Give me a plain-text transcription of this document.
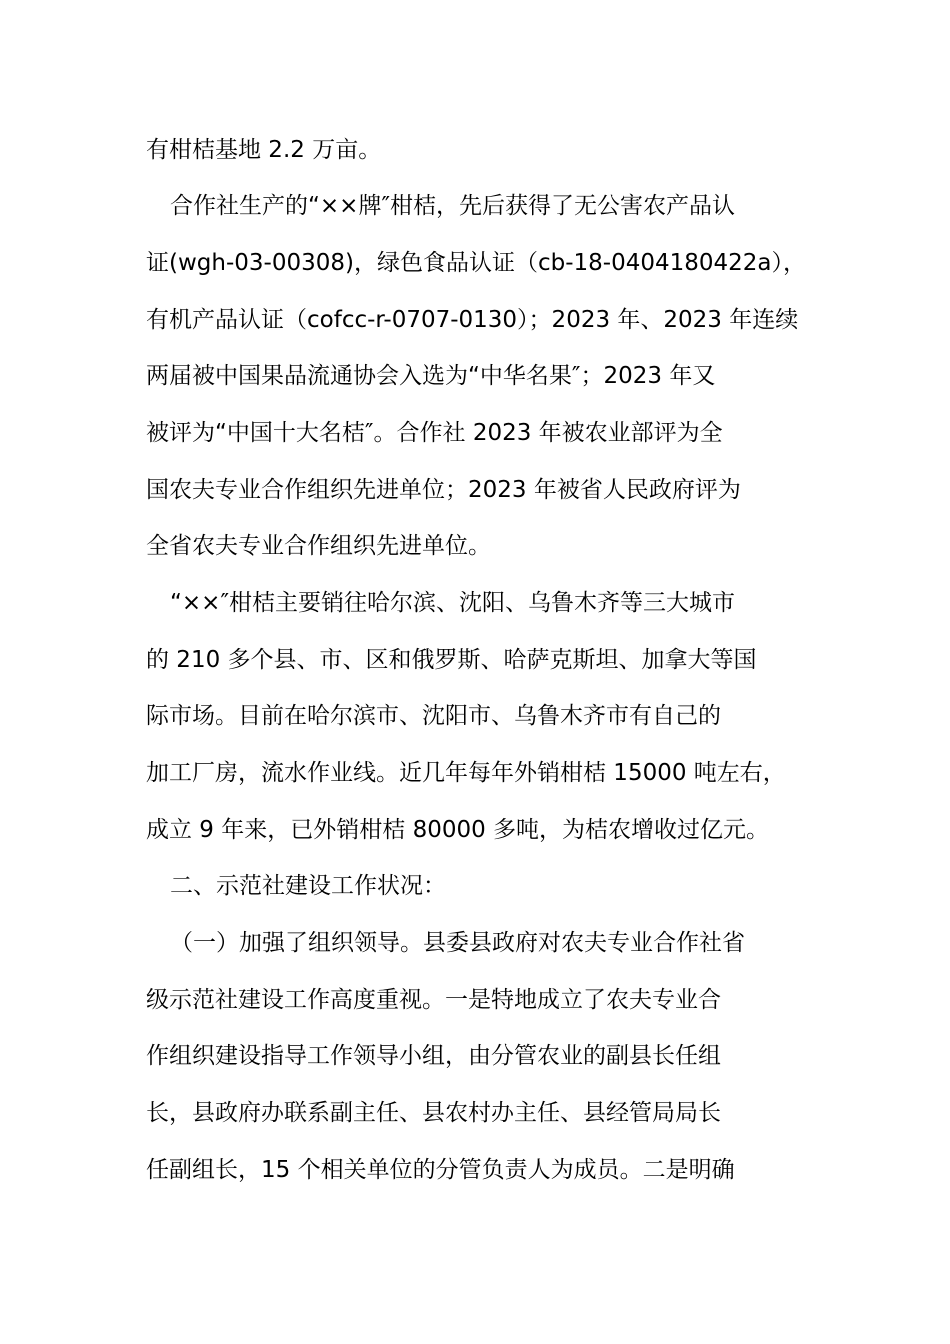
有柑桔基地 2.2 万亩。
合作社生产的“××牌″柑桔，先后获得了无公害农产品认
证(wgh-03-00308)，绿色食品认证（cb-18-0404180422a），
有机产品认证（cofcc-r-0707-0130）；2023 年、2023 年连续
两届被中国果品流通协会入选为“中华名果″；2023 年又
被评为“中国十大名桔″。合作社 2023 年被农业部评为全
国农夫专业合作组织先进单位；2023 年被省人民政府评为
全省农夫专业合作组织先进单位。
“××″柑桔主要销往哈尔滨、沈阳、乌鲁木齐等三大城市
的 210 多个县、市、区和俄罗斯、哈萨克斯坦、加拿大等国
际市场。目前在哈尔滨市、沈阳市、乌鲁木齐市有自己的
加工厂房，流水作业线。近几年每年外销柑桔 15000 吨左右，
成立 9 年来，已外销柑桔 80000 多吨，为桔农增收过亿元。
二、示范社建设工作状况：
（一）加强了组织领导。县委县政府对农夫专业合作社省
级示范社建设工作高度重视。一是特地成立了农夫专业合
作组织建设指导工作领导小组，由分管农业的副县长任组
长，县政府办联系副主任、县农村办主任、县经管局局长
任副组长，15 个相关单位的分管负责人为成员。二是明确
